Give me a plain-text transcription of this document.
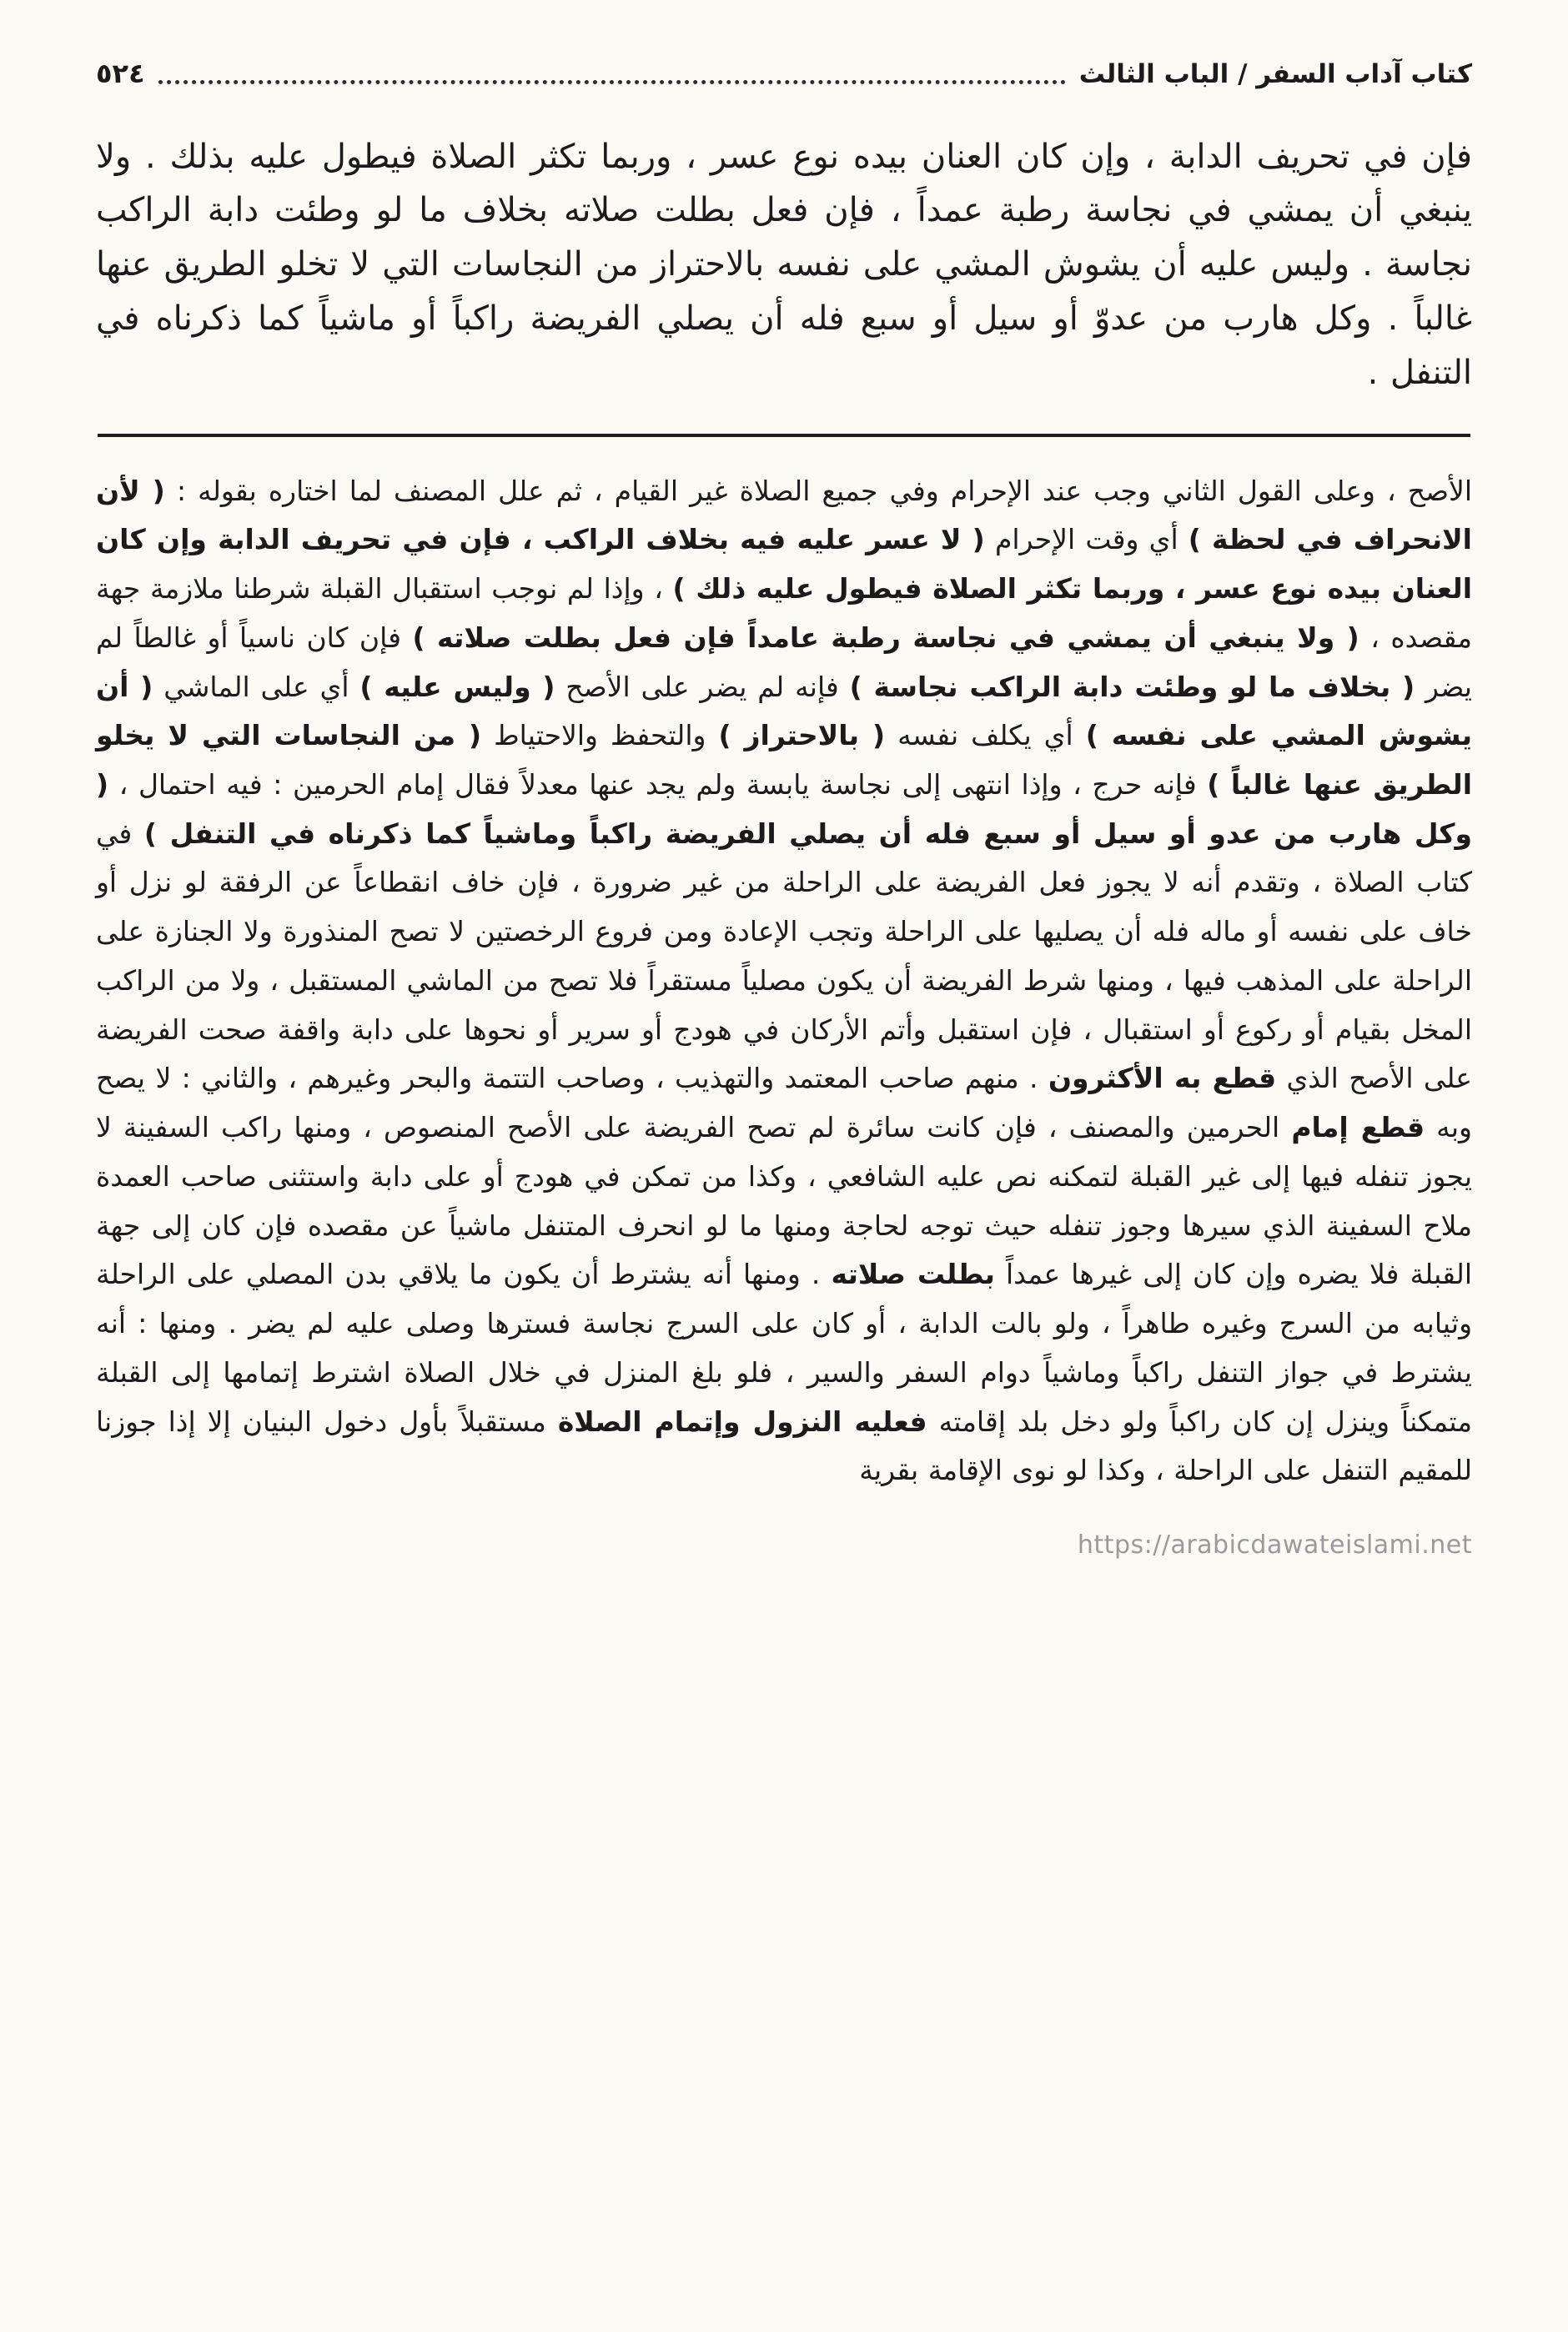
كتاب آداب السفر / الباب الثالث
٥٢٤
فإن في تحريف الدابة ، وإن كان العنان بيده نوع عسر ، وربما تكثر الصلاة فيطول عليه بذلك . ولا ينبغي أن يمشي في نجاسة رطبة عمداً ، فإن فعل بطلت صلاته بخلاف ما لو وطئت دابة الراكب نجاسة . وليس عليه أن يشوش المشي على نفسه بالاحتراز من النجاسات التي لا تخلو الطريق عنها غالباً . وكل هارب من عدوّ أو سيل أو سبع فله أن يصلي الفريضة راكباً أو ماشياً كما ذكرناه في التنفل .
الأصح ، وعلى القول الثاني وجب عند الإحرام وفي جميع الصلاة غير القيام ، ثم علل المصنف لما اختاره بقوله : ( لأن الانحراف في لحظة ) أي وقت الإحرام ( لا عسر عليه فيه بخلاف الراكب ، فإن في تحريف الدابة وإن كان العنان بيده نوع عسر ، وربما تكثر الصلاة فيطول عليه ذلك ) ، وإذا لم نوجب استقبال القبلة شرطنا ملازمة جهة مقصده ، ( ولا ينبغي أن يمشي في نجاسة رطبة عامداً فإن فعل بطلت صلاته ) فإن كان ناسياً أو غالطاً لم يضر ( بخلاف ما لو وطئت دابة الراكب نجاسة ) فإنه لم يضر على الأصح ( وليس عليه ) أي على الماشي ( أن يشوش المشي على نفسه ) أي يكلف نفسه ( بالاحتراز ) والتحفظ والاحتياط ( من النجاسات التي لا يخلو الطريق عنها غالباً ) فإنه حرج ، وإذا انتهى إلى نجاسة يابسة ولم يجد عنها معدلاً فقال إمام الحرمين : فيه احتمال ، ( وكل هارب من عدو أو سيل أو سبع فله أن يصلي الفريضة راكباً وماشياً كما ذكرناه في التنفل ) في كتاب الصلاة ، وتقدم أنه لا يجوز فعل الفريضة على الراحلة من غير ضرورة ، فإن خاف انقطاعاً عن الرفقة لو نزل أو خاف على نفسه أو ماله فله أن يصليها على الراحلة وتجب الإعادة ومن فروع الرخصتين لا تصح المنذورة ولا الجنازة على الراحلة على المذهب فيها ، ومنها شرط الفريضة أن يكون مصلياً مستقراً فلا تصح من الماشي المستقبل ، ولا من الراكب المخل بقيام أو ركوع أو استقبال ، فإن استقبل وأتم الأركان في هودج أو سرير أو نحوها على دابة واقفة صحت الفريضة على الأصح الذي قطع به الأكثرون . منهم صاحب المعتمد والتهذيب ، وصاحب التتمة والبحر وغيرهم ، والثاني : لا يصح وبه قطع إمام الحرمين والمصنف ، فإن كانت سائرة لم تصح الفريضة على الأصح المنصوص ، ومنها راكب السفينة لا يجوز تنفله فيها إلى غير القبلة لتمكنه نص عليه الشافعي ، وكذا من تمكن في هودج أو على دابة واستثنى صاحب العمدة ملاح السفينة الذي سيرها وجوز تنفله حيث توجه لحاجة ومنها ما لو انحرف المتنفل ماشياً عن مقصده فإن كان إلى جهة القبلة فلا يضره وإن كان إلى غيرها عمداً بطلت صلاته . ومنها أنه يشترط أن يكون ما يلاقي بدن المصلي على الراحلة وثيابه من السرج وغيره طاهراً ، ولو بالت الدابة ، أو كان على السرج نجاسة فسترها وصلى عليه لم يضر . ومنها : أنه يشترط في جواز التنفل راكباً وماشياً دوام السفر والسير ، فلو بلغ المنزل في خلال الصلاة اشترط إتمامها إلى القبلة متمكناً وينزل إن كان راكباً ولو دخل بلد إقامته فعليه النزول وإتمام الصلاة مستقبلاً بأول دخول البنيان إلا إذا جوزنا للمقيم التنفل على الراحلة ، وكذا لو نوى الإقامة بقرية
https://arabicdawateislami.net
